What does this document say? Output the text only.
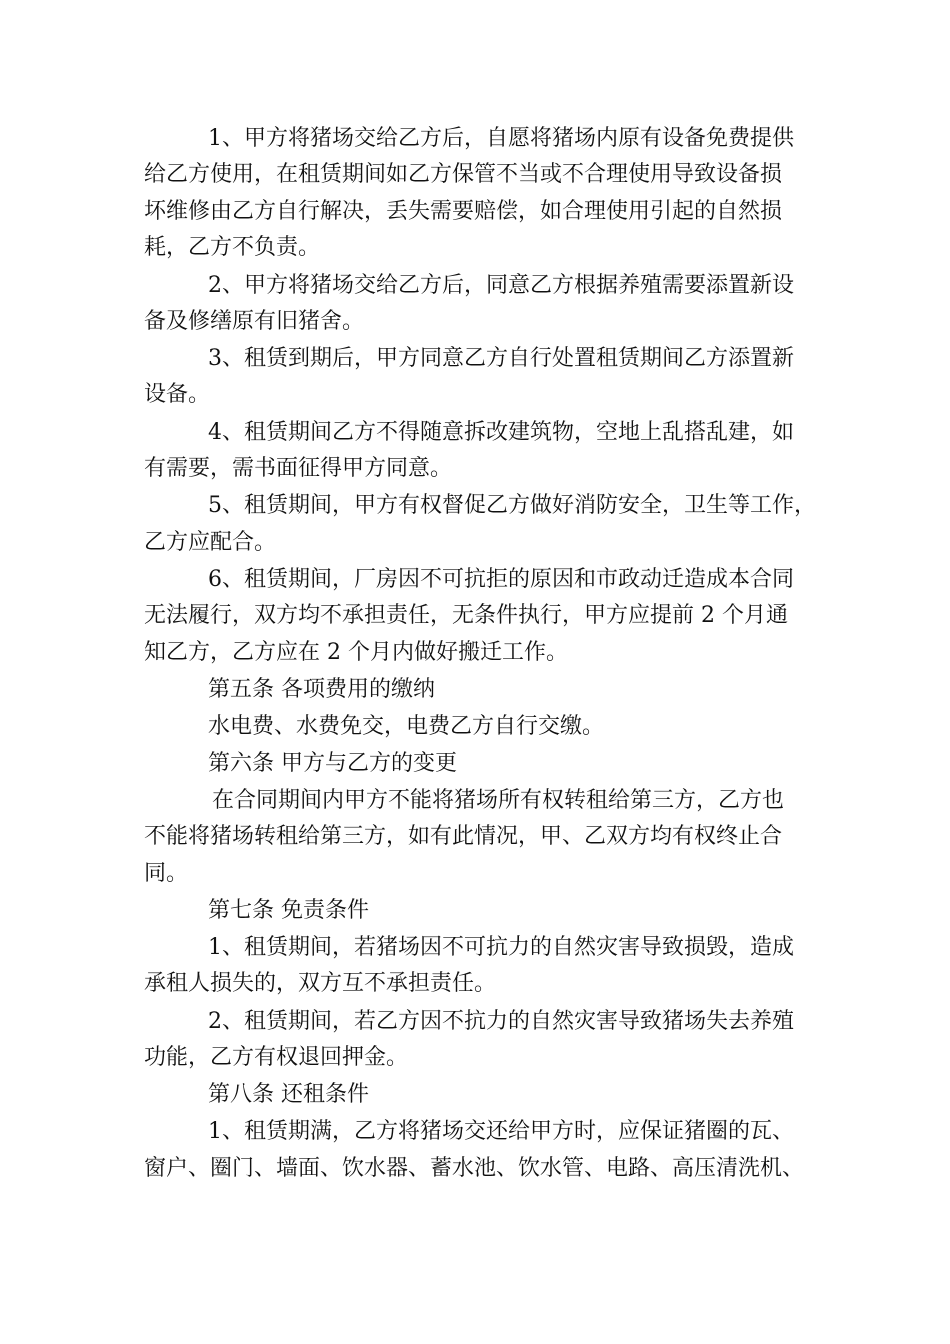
1、甲方将猪场交给乙方后，自愿将猪场内原有设备免费提供
给乙方使用，在租赁期间如乙方保管不当或不合理使用导致设备损
坏维修由乙方自行解决，丢失需要赔偿，如合理使用引起的自然损
耗，乙方不负责。
2、甲方将猪场交给乙方后，同意乙方根据养殖需要添置新设
备及修缮原有旧猪舍。
3、租赁到期后，甲方同意乙方自行处置租赁期间乙方添置新
设备。
4、租赁期间乙方不得随意拆改建筑物，空地上乱搭乱建，如
有需要，需书面征得甲方同意。
5、租赁期间，甲方有权督促乙方做好消防安全，卫生等工作，
乙方应配合。
6、租赁期间，厂房因不可抗拒的原因和市政动迁造成本合同
无法履行，双方均不承担责任，无条件执行，甲方应提前 2 个月通
知乙方，乙方应在 2 个月内做好搬迁工作。
第五条 各项费用的缴纳
水电费、水费免交，电费乙方自行交缴。
第六条 甲方与乙方的变更
在合同期间内甲方不能将猪场所有权转租给第三方，乙方也
不能将猪场转租给第三方，如有此情况，甲、乙双方均有权终止合
同。
第七条 免责条件
1、租赁期间，若猪场因不可抗力的自然灾害导致损毁，造成
承租人损失的，双方互不承担责任。
2、租赁期间，若乙方因不抗力的自然灾害导致猪场失去养殖
功能，乙方有权退回押金。
第八条 还租条件
1、租赁期满，乙方将猪场交还给甲方时，应保证猪圈的瓦、
窗户、圈门、墙面、饮水器、蓄水池、饮水管、电路、高压清洗机、
